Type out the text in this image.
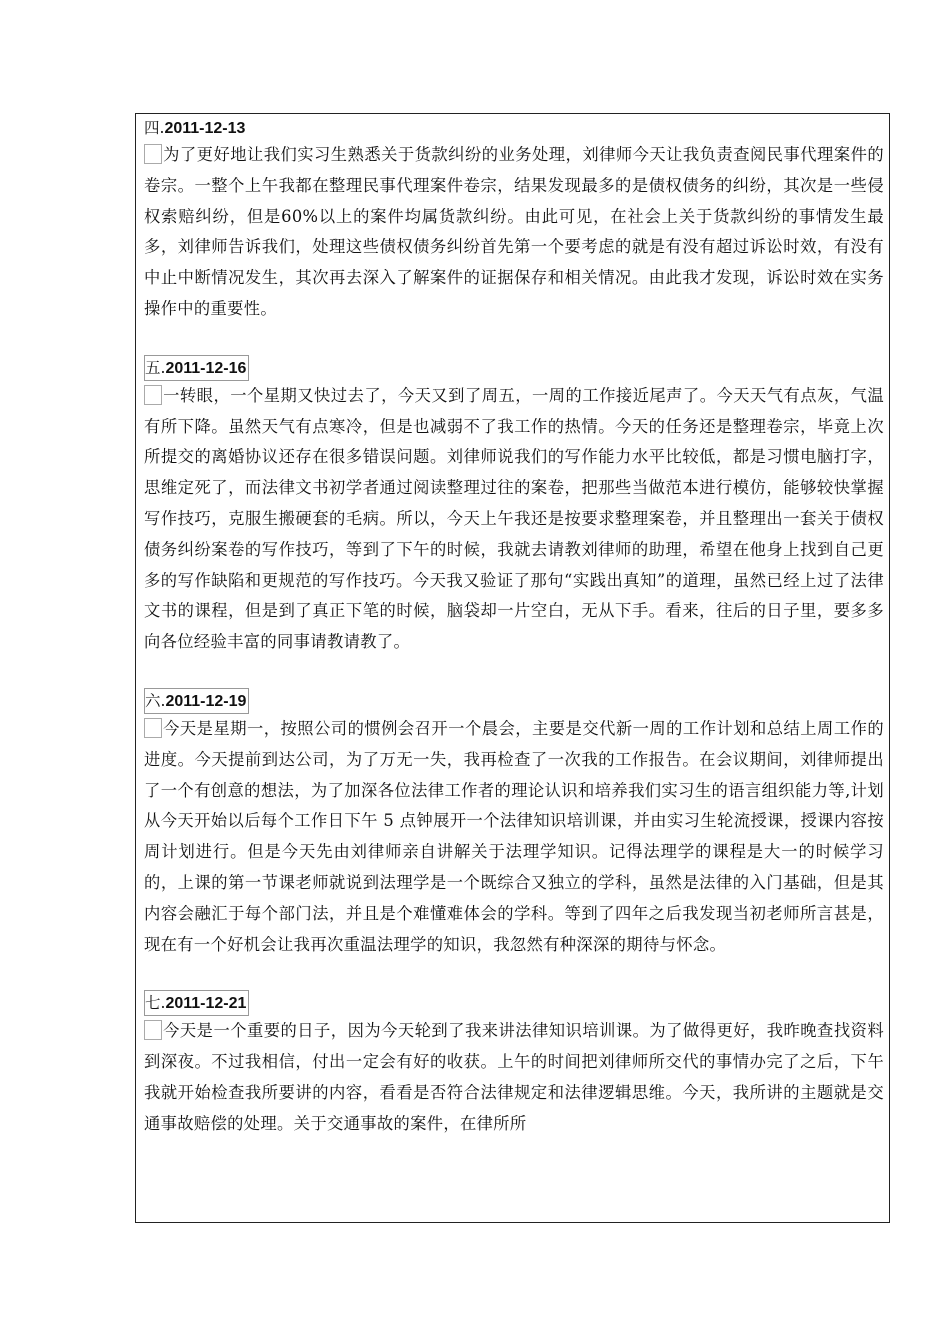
四.2011-12-13

为了更好地让我们实习生熟悉关于货款纠纷的业务处理，刘律师今天让我负责查阅民事代理案件的卷宗。一整个上午我都在整理民事代理案件卷宗，结果发现最多的是债权债务的纠纷，其次是一些侵权索赔纠纷，但是60%以上的案件均属货款纠纷。由此可见，在社会上关于货款纠纷的事情发生最多，刘律师告诉我们，处理这些债权债务纠纷首先第一个要考虑的就是有没有超过诉讼时效，有没有中止中断情况发生，其次再去深入了解案件的证据保存和相关情况。由此我才发现，诉讼时效在实务操作中的重要性。

五.2011-12-16

一转眼，一个星期又快过去了，今天又到了周五，一周的工作接近尾声了。今天天气有点灰，气温有所下降。虽然天气有点寒冷，但是也减弱不了我工作的热情。今天的任务还是整理卷宗，毕竟上次所提交的离婚协议还存在很多错误问题。刘律师说我们的写作能力水平比较低，都是习惯电脑打字，思维定死了，而法律文书初学者通过阅读整理过往的案卷，把那些当做范本进行模仿，能够较快掌握写作技巧，克服生搬硬套的毛病。所以，今天上午我还是按要求整理案卷，并且整理出一套关于债权债务纠纷案卷的写作技巧，等到了下午的时候，我就去请教刘律师的助理，希望在他身上找到自己更多的写作缺陷和更规范的写作技巧。今天我又验证了那句“实践出真知”的道理，虽然已经上过了法律文书的课程，但是到了真正下笔的时候，脑袋却一片空白，无从下手。看来，往后的日子里，要多多向各位经验丰富的同事请教请教了。

六.2011-12-19

今天是星期一，按照公司的惯例会召开一个晨会，主要是交代新一周的工作计划和总结上周工作的进度。今天提前到达公司，为了万无一失，我再检查了一次我的工作报告。在会议期间，刘律师提出了一个有创意的想法，为了加深各位法律工作者的理论认识和培养我们实习生的语言组织能力等,计划从今天开始以后每个工作日下午 5 点钟展开一个法律知识培训课，并由实习生轮流授课，授课内容按周计划进行。但是今天先由刘律师亲自讲解关于法理学知识。记得法理学的课程是大一的时候学习的，上课的第一节课老师就说到法理学是一个既综合又独立的学科，虽然是法律的入门基础，但是其内容会融汇于每个部门法，并且是个难懂难体会的学科。等到了四年之后我发现当初老师所言甚是，现在有一个好机会让我再次重温法理学的知识，我忽然有种深深的期待与怀念。

七.2011-12-21

今天是一个重要的日子，因为今天轮到了我来讲法律知识培训课。为了做得更好，我昨晚查找资料到深夜。不过我相信，付出一定会有好的收获。上午的时间把刘律师所交代的事情办完了之后，下午我就开始检查我所要讲的内容，看看是否符合法律规定和法律逻辑思维。今天，我所讲的主题就是交通事故赔偿的处理。关于交通事故的案件，在律所所
